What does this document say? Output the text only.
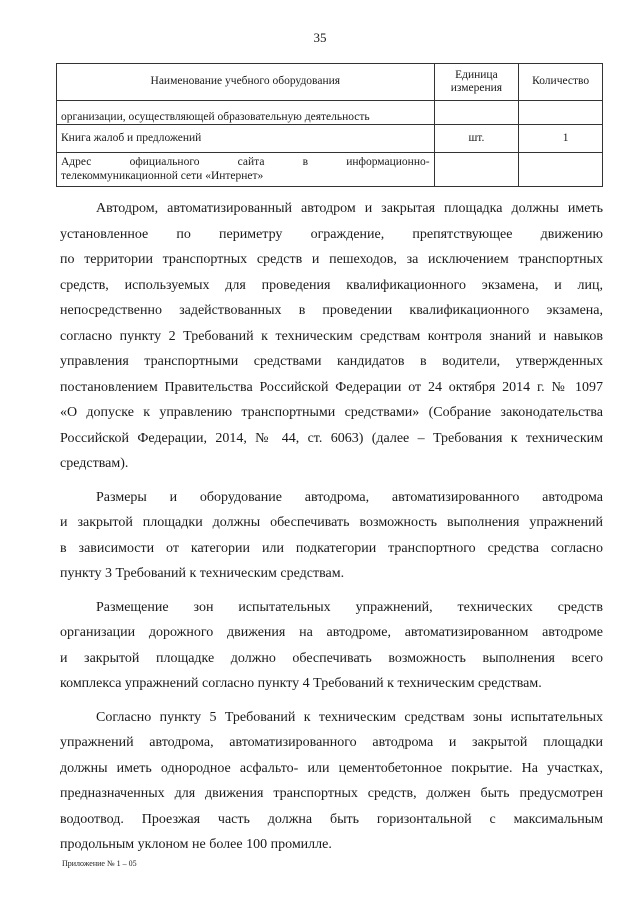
35
Наименование учебного оборудования	Единица измерения	Количество
организации, осуществляющей образовательную деятельность		
Книга жалоб и предложений	шт.	1

Адрес официального сайта в информационно-
телекоммуникационной сети «Интернет»		

Автодром, автоматизированный автодром и закрытая площадка должны иметь
установленное по периметру ограждение, препятствующее движению
по территории транспортных средств и пешеходов, за исключением транспортных
средств, используемых для проведения квалификационного экзамена, и лиц,
непосредственно задействованных в проведении квалификационного экзамена,
согласно пункту 2 Требований к техническим средствам контроля знаний и навыков
управления транспортными средствами кандидатов в водители, утвержденных
постановлением Правительства Российской Федерации от 24 октября 2014 г. № 1097
«О допуске к управлению транспортными средствами» (Собрание законодательства
Российской Федерации, 2014, № 44, ст. 6063) (далее – Требования к техническим
средствам).

Размеры и оборудование автодрома, автоматизированного автодрома
и закрытой площадки должны обеспечивать возможность выполнения упражнений
в зависимости от категории или подкатегории транспортного средства согласно
пункту 3 Требований к техническим средствам.

Размещение зон испытательных упражнений, технических средств
организации дорожного движения на автодроме, автоматизированном автодроме
и закрытой площадке должно обеспечивать возможность выполнения всего
комплекса упражнений согласно пункту 4 Требований к техническим средствам.

Согласно пункту 5 Требований к техническим средствам зоны испытательных
упражнений автодрома, автоматизированного автодрома и закрытой площадки
должны иметь однородное асфальто- или цементобетонное покрытие. На участках,
предназначенных для движения транспортных средств, должен быть предусмотрен
водоотвод. Проезжая часть должна быть горизонтальной с максимальным
продольным уклоном не более 100 промилле.

Приложение № 1 – 05
